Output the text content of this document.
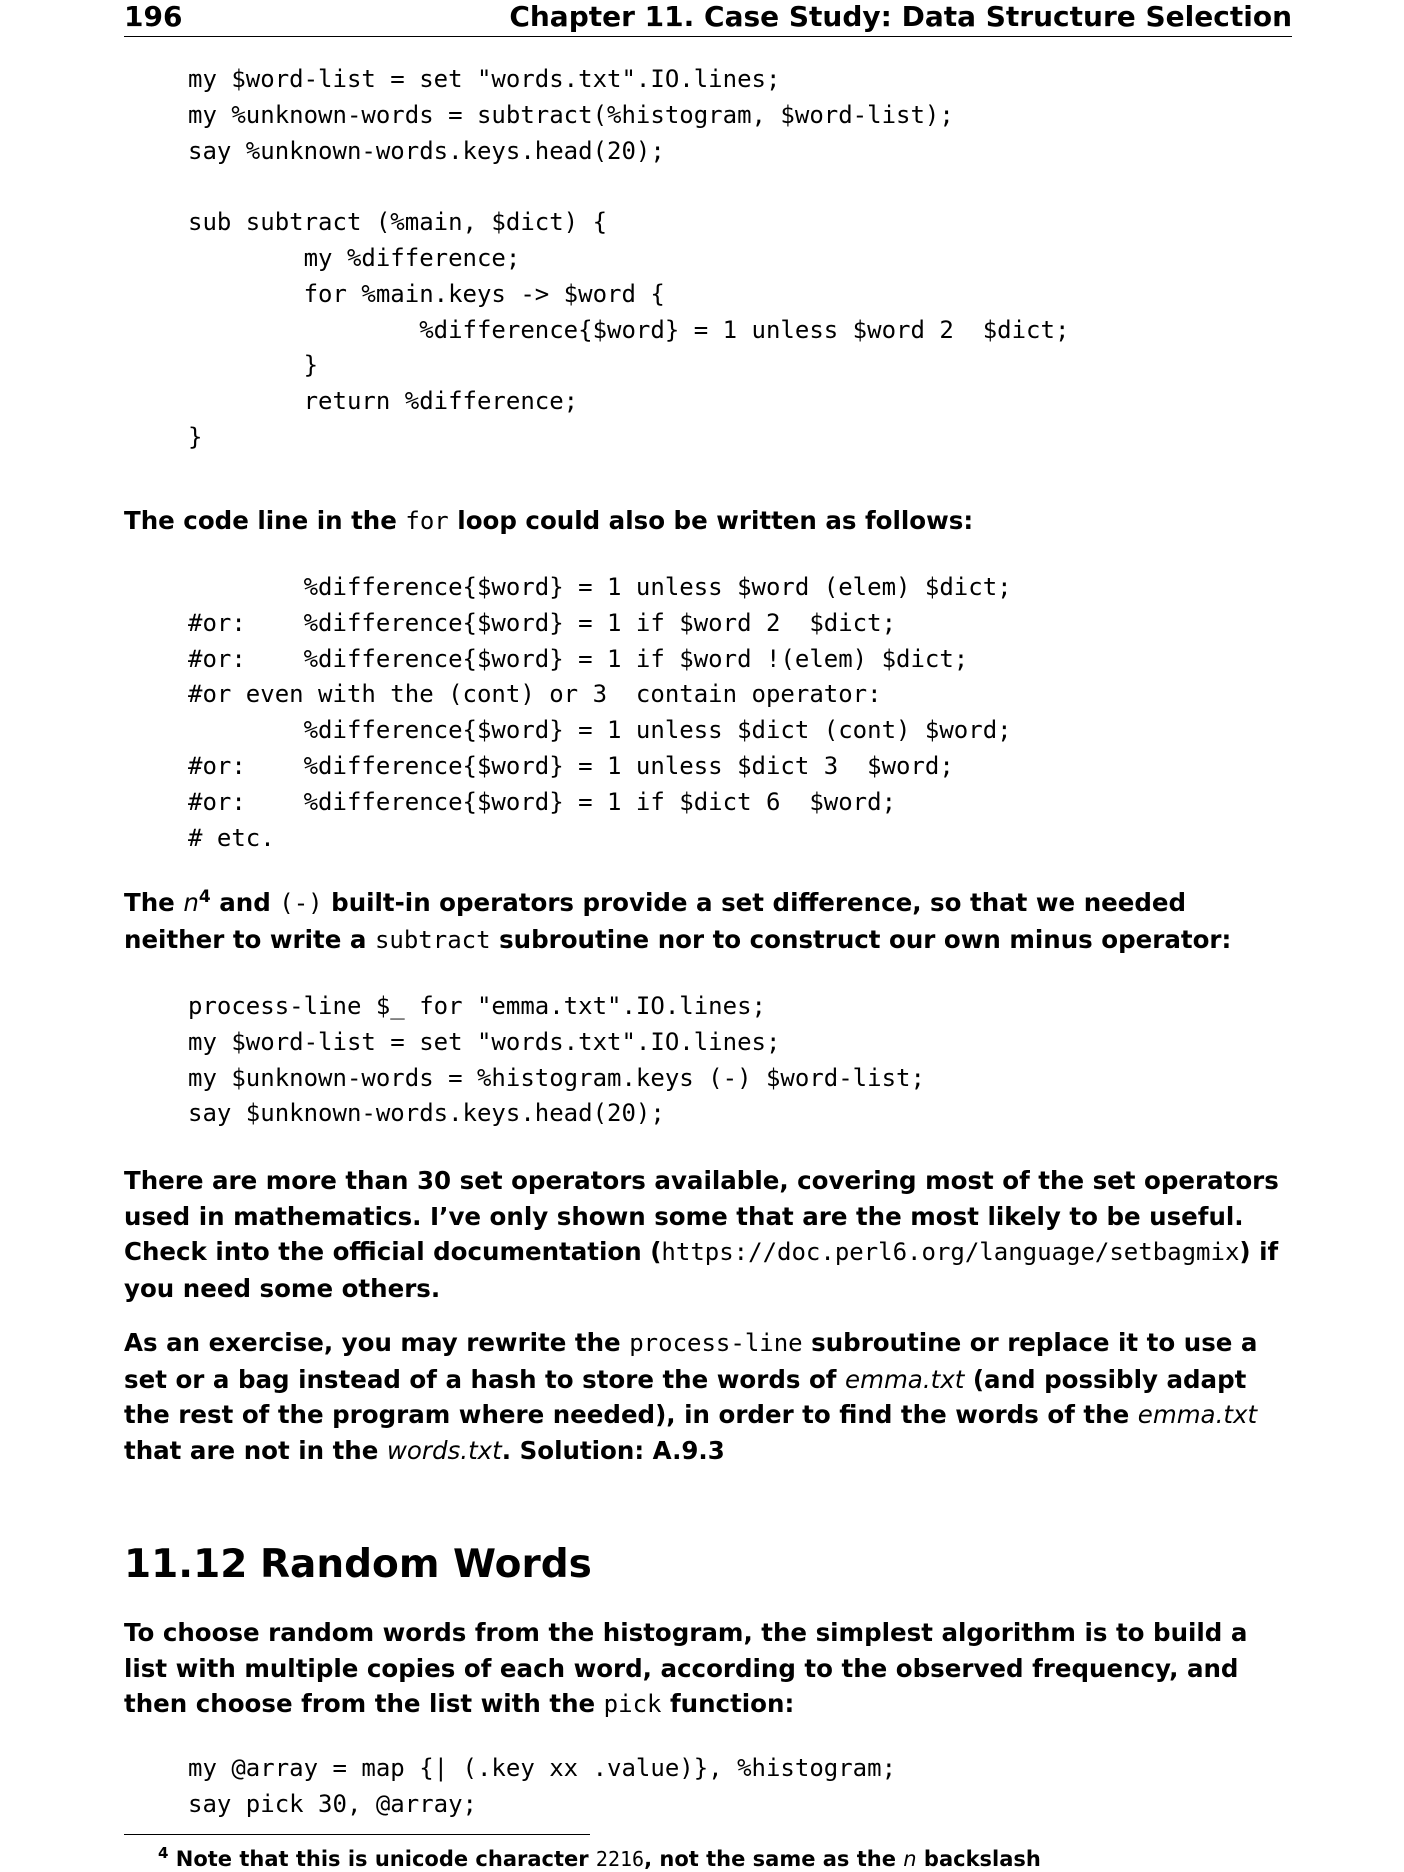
196	Chapter 11. Case Study: Data Structure Selection
my $word-list = set "words.txt".IO.lines;
my %unknown-words = subtract(%histogram, $word-list);
say %unknown-words.keys.head(20);
sub subtract (%main, $dict) {
my %difference;
for %main.keys -> $word {
%difference{$word} = 1 unless $word 2  $dict;
}
return %difference;
}

The code line in the for loop could also be written as follows:

%difference{$word} = 1 unless $word (elem) $dict;
#or:    %difference{$word} = 1 if $word 2  $dict;
#or:    %difference{$word} = 1 if $word !(elem) $dict;
#or even with the (cont) or 3  contain operator:
%difference{$word} = 1 unless $dict (cont) $word;
#or:    %difference{$word} = 1 unless $dict 3  $word;
#or:    %difference{$word} = 1 if $dict 6  $word;
# etc.

The $n^4$ and (-) built-in operators provide a set difference, so that we needed neither to write a subtract subroutine nor to construct our own minus operator:

process-line $_ for "emma.txt".IO.lines;
my $word-list = set "words.txt".IO.lines;
my $unknown-words = %histogram.keys (-) $word-list;
say $unknown-words.keys.head(20);

There are more than 30 set operators available, covering most of the set operators used in mathematics. I’ve only shown some that are the most likely to be useful. Check into the official documentation (https://doc.perl6.org/language/setbagmix) if you need some others.

As an exercise, you may rewrite the process-line subroutine or replace it to use a set or a bag instead of a hash to store the words of emma.txt (and possibly adapt the rest of the program where needed), in order to find the words of the emma.txt that are not in the words.txt. Solution: A.9.3

11.12 Random Words

To choose random words from the histogram, the simplest algorithm is to build a list with multiple copies of each word, according to the observed frequency, and then choose from the list with the pick function:

my @array = map {| (.key xx .value)}, %histogram;
say pick 30, @array;

$^4$ Note that this is unicode character 2216, not the same as the n backslash
